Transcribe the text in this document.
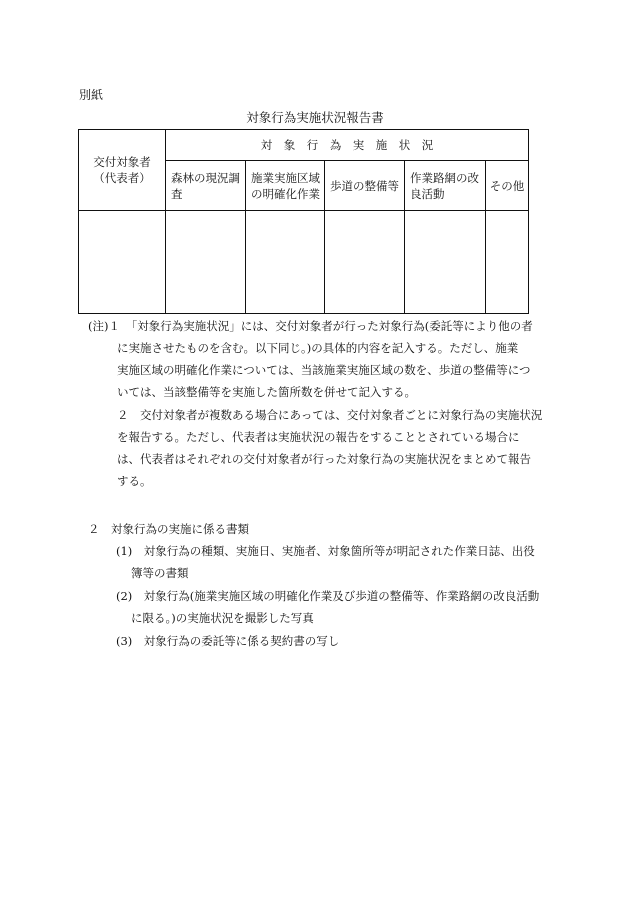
別紙
対象行為実施状況報告書
交付対象者
（代表者）
対　象　行　為　実　施　状　況
森林の現況調
査
施業実施区域
の明確化作業
歩道の整備等
作業路網の改
良活動
その他
(注)１　「対象行為実施状況」には、交付対象者が行った対象行為(委託等により他の者
に実施させたものを含む。以下同じ。)の具体的内容を記入する。ただし、施業
実施区域の明確化作業については、当該施業実施区域の数を、歩道の整備等につ
いては、当該整備等を実施した箇所数を併せて記入する。
２　交付対象者が複数ある場合にあっては、交付対象者ごとに対象行為の実施状況
を報告する。ただし、代表者は実施状況の報告をすることとされている場合に
は、代表者はそれぞれの交付対象者が行った対象行為の実施状況をまとめて報告
する。
２　対象行為の実施に係る書類
(1)　対象行為の種類、実施日、実施者、対象箇所等が明記された作業日誌、出役
簿等の書類
(2)　対象行為(施業実施区域の明確化作業及び歩道の整備等、作業路網の改良活動
に限る。)の実施状況を撮影した写真
(3)　対象行為の委託等に係る契約書の写し
